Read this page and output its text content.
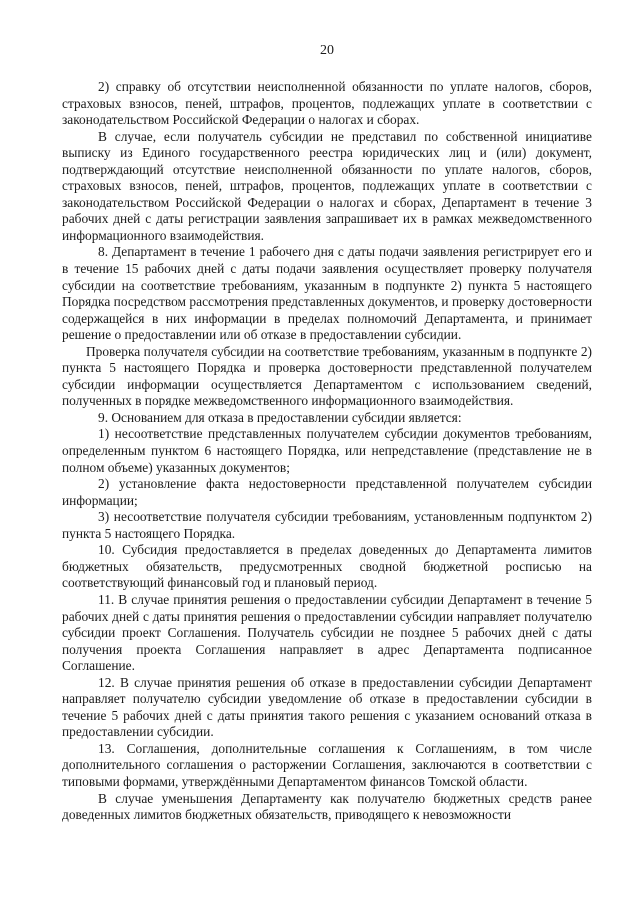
20

2) справку об отсутствии неисполненной обязанности по уплате налогов, сборов, страховых взносов, пеней, штрафов, процентов, подлежащих уплате в соответствии с законодательством Российской Федерации о налогах и сборах.

В случае, если получатель субсидии не представил по собственной инициативе выписку из Единого государственного реестра юридических лиц и (или) документ, подтверждающий отсутствие неисполненной обязанности по уплате налогов, сборов, страховых взносов, пеней, штрафов, процентов, подлежащих уплате в соответствии с законодательством Российской Федерации о налогах и сборах, Департамент в течение 3 рабочих дней с даты регистрации заявления запрашивает их в рамках межведомственного информационного взаимодействия.

8. Департамент в течение 1 рабочего дня с даты подачи заявления регистрирует его и в течение 15 рабочих дней с даты подачи заявления осуществляет проверку получателя субсидии на соответствие требованиям, указанным в подпункте 2) пункта 5 настоящего Порядка посредством рассмотрения представленных документов, и проверку достоверности содержащейся в них информации в пределах полномочий Департамента, и принимает решение о предоставлении или об отказе в предоставлении субсидии.

Проверка получателя субсидии на соответствие требованиям, указанным в подпункте 2) пункта 5 настоящего Порядка и проверка достоверности представленной получателем субсидии информации осуществляется Департаментом с использованием сведений, полученных в порядке межведомственного информационного взаимодействия.

9. Основанием для отказа в предоставлении субсидии является:

1) несоответствие представленных получателем субсидии документов требованиям, определенным пунктом 6 настоящего Порядка, или непредставление (представление не в полном объеме) указанных документов;

2) установление факта недостоверности представленной получателем субсидии информации;

3) несоответствие получателя субсидии требованиям, установленным подпунктом 2) пункта 5 настоящего Порядка.

10. Субсидия предоставляется в пределах доведенных до Департамента лимитов бюджетных обязательств, предусмотренных сводной бюджетной росписью на соответствующий финансовый год и плановый период.

11. В случае принятия решения о предоставлении субсидии Департамент в течение 5 рабочих дней с даты принятия решения о предоставлении субсидии направляет получателю субсидии проект Соглашения. Получатель субсидии не позднее 5 рабочих дней с даты получения проекта Соглашения направляет в адрес Департамента подписанное Соглашение.

12. В случае принятия решения об отказе в предоставлении субсидии Департамент направляет получателю субсидии уведомление об отказе в предоставлении субсидии в течение 5 рабочих дней с даты принятия такого решения с указанием оснований отказа в предоставлении субсидии.

13. Соглашения, дополнительные соглашения к Соглашениям, в том числе дополнительного соглашения о расторжении Соглашения, заключаются в соответствии с типовыми формами, утверждёнными Департаментом финансов Томской области.

В случае уменьшения Департаменту как получателю бюджетных средств ранее доведенных лимитов бюджетных обязательств, приводящего к невозможности
